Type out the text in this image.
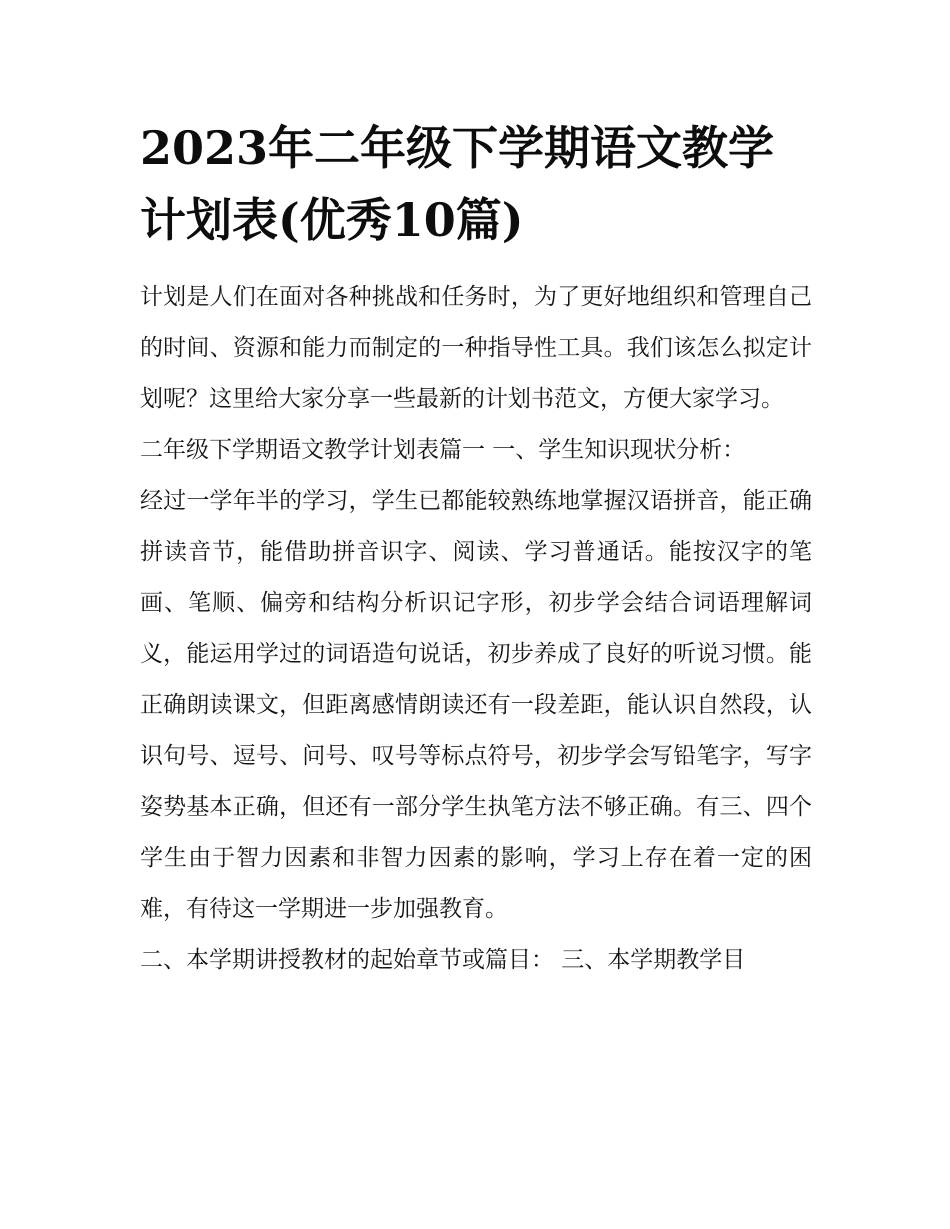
2023年二年级下学期语文教学计划表(优秀10篇)

计划是人们在面对各种挑战和任务时，为了更好地组织和管理自己的时间、资源和能力而制定的一种指导性工具。我们该怎么拟定计划呢？这里给大家分享一些最新的计划书范文，方便大家学习。

二年级下学期语文教学计划表篇一 一、学生知识现状分析：

经过一学年半的学习，学生已都能较熟练地掌握汉语拼音，能正确拼读音节，能借助拼音识字、阅读、学习普通话。能按汉字的笔画、笔顺、偏旁和结构分析识记字形，初步学会结合词语理解词义，能运用学过的词语造句说话，初步养成了良好的听说习惯。能正确朗读课文，但距离感情朗读还有一段差距，能认识自然段，认识句号、逗号、问号、叹号等标点符号，初步学会写铅笔字，写字姿势基本正确，但还有一部分学生执笔方法不够正确。有三、四个学生由于智力因素和非智力因素的影响，学习上存在着一定的困难，有待这一学期进一步加强教育。

二、本学期讲授教材的起始章节或篇目： 三、本学期教学目
